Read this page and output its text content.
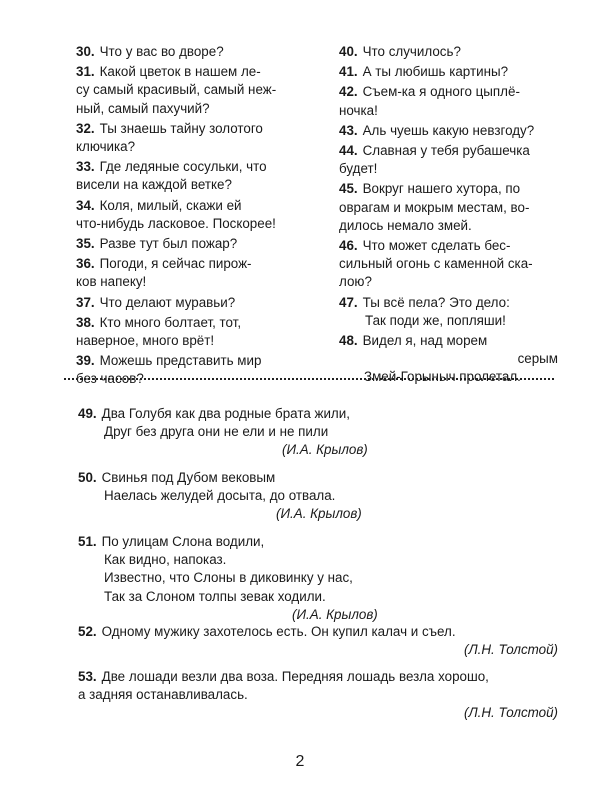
30. Что у вас во дворе?
31. Какой цветок в нашем ле-
су самый красивый, самый неж-
ный, самый пахучий?
32. Ты знаешь тайну золотого
ключика?
33. Где ледяные сосульки, что
висели на каждой ветке?
34. Коля, милый, скажи ей
что-нибудь ласковое. Поскорее!
35. Разве тут был пожар?
36. Погоди, я сейчас пирож-
ков напеку!
37. Что делают муравьи?
38. Кто много болтает, тот,
наверное, много врёт!
39. Можешь представить мир
без часов?
40. Что случилось?
41. А ты любишь картины?
42. Съем-ка я одного цыплё-
ночка!
43. Аль чуешь какую невзгоду?
44. Славная у тебя рубашечка
будет!
45. Вокруг нашего хутора, по
оврагам и мокрым местам, во-
дилось немало змей.
46. Что может сделать бес-
сильный огонь с каменной ска-
лою?
47. Ты всё пела? Это дело:
Так поди же, попляши!
48. Видел я, над морем
серым
Змей-Горыныч пролетал.
49. Два Голубя как два родные брата жили,
Друг без друга они не ели и не пили
(И.А. Крылов)
50. Свинья под Дубом вековым
Наелась желудей досыта, до отвала.
(И.А. Крылов)
51. По улицам Слона водили,
Как видно, напоказ.
Известно, что Слоны в диковинку у нас,
Так за Слоном толпы зевак ходили.
(И.А. Крылов)
52. Одному мужику захотелось есть. Он купил калач и съел.
(Л.Н. Толстой)
53. Две лошади везли два воза. Передняя лошадь везла хорошо,
а задняя останавливалась.
(Л.Н. Толстой)
2
